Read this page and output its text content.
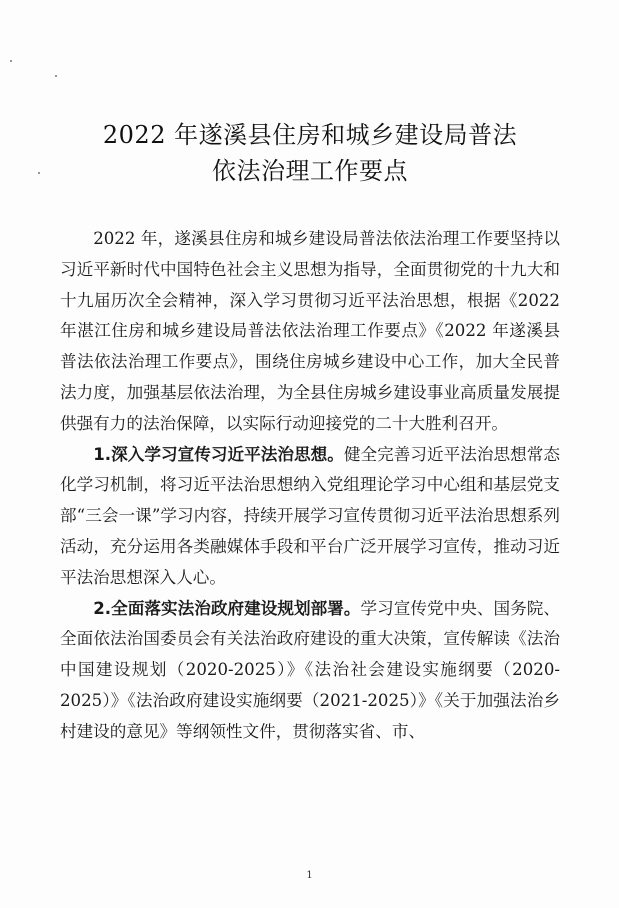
2022 年遂溪县住房和城乡建设局普法
依法治理工作要点

2022 年，遂溪县住房和城乡建设局普法依法治理工作要坚持以习近平新时代中国特色社会主义思想为指导，全面贯彻党的十九大和十九届历次全会精神，深入学习贯彻习近平法治思想，根据《2022 年湛江住房和城乡建设局普法依法治理工作要点》《2022 年遂溪县普法依法治理工作要点》，围绕住房城乡建设中心工作，加大全民普法力度，加强基层依法治理，为全县住房城乡建设事业高质量发展提供强有力的法治保障，以实际行动迎接党的二十大胜利召开。

1.深入学习宣传习近平法治思想。健全完善习近平法治思想常态化学习机制，将习近平法治思想纳入党组理论学习中心组和基层党支部“三会一课”学习内容，持续开展学习宣传贯彻习近平法治思想系列活动，充分运用各类融媒体手段和平台广泛开展学习宣传，推动习近平法治思想深入人心。

2.全面落实法治政府建设规划部署。学习宣传党中央、国务院、全面依法治国委员会有关法治政府建设的重大决策，宣传解读《法治中国建设规划（2020-2025）》《法治社会建设实施纲要（2020-2025）》《法治政府建设实施纲要（2021-2025）》《关于加强法治乡村建设的意见》等纲领性文件，贯彻落实省、市、

1
